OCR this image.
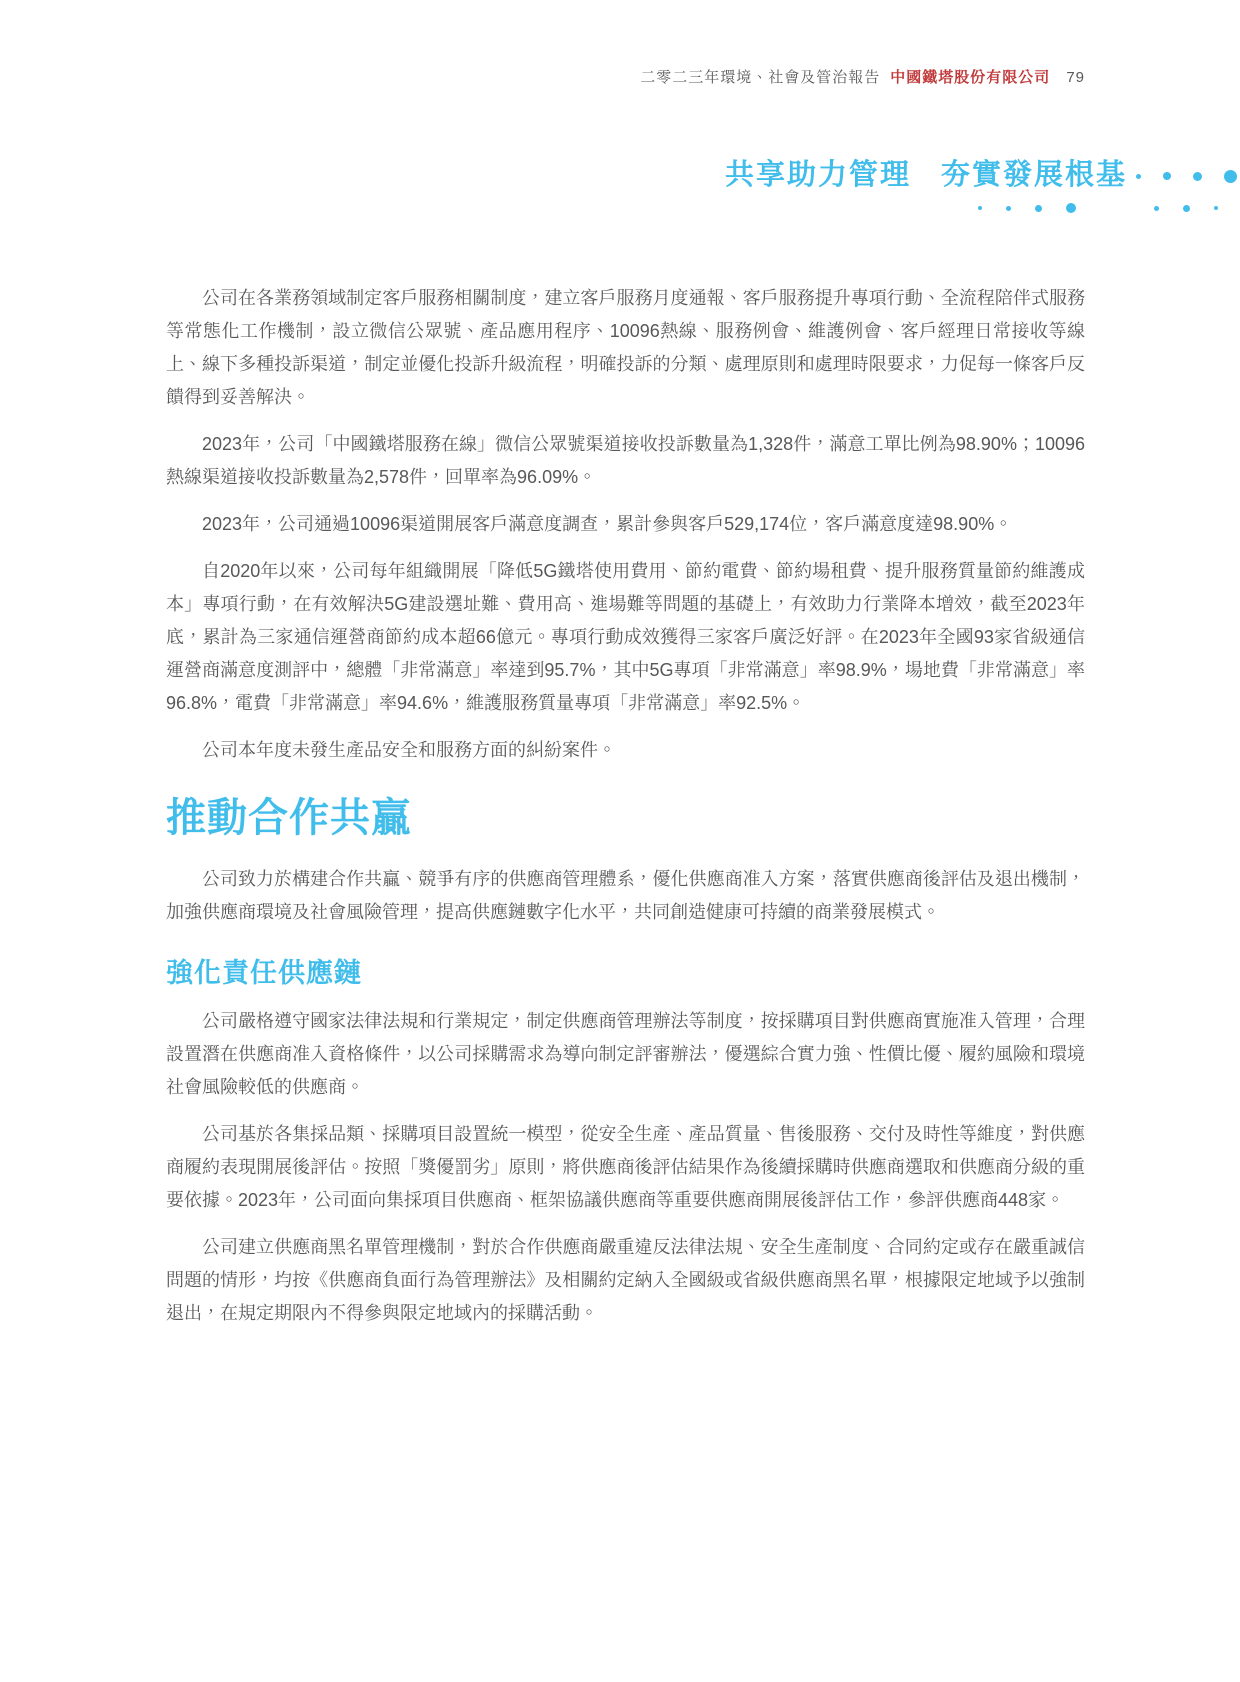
二零二三年環境、社會及管治報告 中國鐵塔股份有限公司 79
共享助力管理 夯實發展根基

公司在各業務領域制定客戶服務相關制度，建立客戶服務月度通報、客戶服務提升專項行動、全流程陪伴式服務等常態化工作機制，設立微信公眾號、產品應用程序、10096熱線、服務例會、維護例會、客戶經理日常接收等線上、線下多種投訴渠道，制定並優化投訴升級流程，明確投訴的分類、處理原則和處理時限要求，力促每一條客戶反饋得到妥善解決。

2023年，公司「中國鐵塔服務在線」微信公眾號渠道接收投訴數量為1,328件，滿意工單比例為98.90%；10096熱線渠道接收投訴數量為2,578件，回單率為96.09%。

2023年，公司通過10096渠道開展客戶滿意度調查，累計參與客戶529,174位，客戶滿意度達98.90%。

自2020年以來，公司每年組織開展「降低5G鐵塔使用費用、節約電費、節約場租費、提升服務質量節約維護成本」專項行動，在有效解決5G建設選址難、費用高、進場難等問題的基礎上，有效助力行業降本增效，截至2023年底，累計為三家通信運營商節約成本超66億元。專項行動成效獲得三家客戶廣泛好評。在2023年全國93家省級通信運營商滿意度測評中，總體「非常滿意」率達到95.7%，其中5G專項「非常滿意」率98.9%，場地費「非常滿意」率96.8%，電費「非常滿意」率94.6%，維護服務質量專項「非常滿意」率92.5%。

公司本年度未發生產品安全和服務方面的糾紛案件。

推動合作共贏

公司致力於構建合作共贏、競爭有序的供應商管理體系，優化供應商准入方案，落實供應商後評估及退出機制，加強供應商環境及社會風險管理，提高供應鏈數字化水平，共同創造健康可持續的商業發展模式。

強化責任供應鏈

公司嚴格遵守國家法律法規和行業規定，制定供應商管理辦法等制度，按採購項目對供應商實施准入管理，合理設置潛在供應商准入資格條件，以公司採購需求為導向制定評審辦法，優選綜合實力強、性價比優、履約風險和環境社會風險較低的供應商。

公司基於各集採品類、採購項目設置統一模型，從安全生產、產品質量、售後服務、交付及時性等維度，對供應商履約表現開展後評估。按照「獎優罰劣」原則，將供應商後評估結果作為後續採購時供應商選取和供應商分級的重要依據。2023年，公司面向集採項目供應商、框架協議供應商等重要供應商開展後評估工作，參評供應商448家。

公司建立供應商黑名單管理機制，對於合作供應商嚴重違反法律法規、安全生產制度、合同約定或存在嚴重誠信問題的情形，均按《供應商負面行為管理辦法》及相關約定納入全國級或省級供應商黑名單，根據限定地域予以強制退出，在規定期限內不得參與限定地域內的採購活動。
